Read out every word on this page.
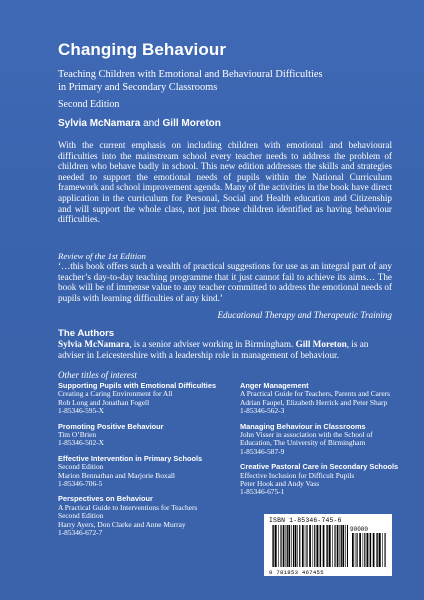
Changing Behaviour
Teaching Children with Emotional and Behavioural Difficulties
in Primary and Secondary Classrooms
Second Edition
Sylvia McNamara and Gill Moreton
With the current emphasis on including children with emotional and behavioural difficulties into the mainstream school every teacher needs to address the problem of children who behave badly in school. This new edition addresses the skills and strategies needed to support the emotional needs of pupils within the National Curriculum framework and school improvement agenda. Many of the activities in the book have direct application in the curriculum for Personal, Social and Health education and Citizenship and will support the whole class, not just those children identified as having behaviour difficulties.
Review of the 1st Edition
‘…this book offers such a wealth of practical suggestions for use as an integral part of any teacher’s day-to-day teaching programme that it just cannot fail to achieve its aims… The book will be of immense value to any teacher committed to address the emotional needs of pupils with learning difficulties of any kind.’
Educational Therapy and Therapeutic Training
The Authors
Sylvia McNamara, is a senior adviser working in Birmingham. Gill Moreton, is an adviser in Leicestershire with a leadership role in management of behaviour.
Other titles of interest
Supporting Pupils with Emotional Difficulties
Creating a Caring Environment for All
Rob Long and Jonathan Fogell
1-85346-595-X
Promoting Positive Behaviour
Tim O’Brien
1-85346-502-X
Effective Intervention in Primary Schools
Second Edition
Marion Bennathan and Marjorie Boxall
1-85346-706-5
Perspectives on Behaviour
A Practical Guide to Interventions for Teachers
Second Edition
Harry Ayers, Don Clarke and Anne Murray
1-85346-672-7
Anger Management
A Practical Guide for Teachers, Parents and Carers
Adrian Faupel, Elizabeth Herrick and Peter Sharp
1-85346-562-3
Managing Behaviour in Classrooms
John Visser in association with the School of Education, The University of Birmingham
1-85346-587-9
Creative Pastoral Care in Secondary Schools
Effective Inclusion for Difficult Pupils
Peter Hook and Andy Vass
1-85346-675-1
ISBN 1-85346-745-6
90000
9 781853 467455
